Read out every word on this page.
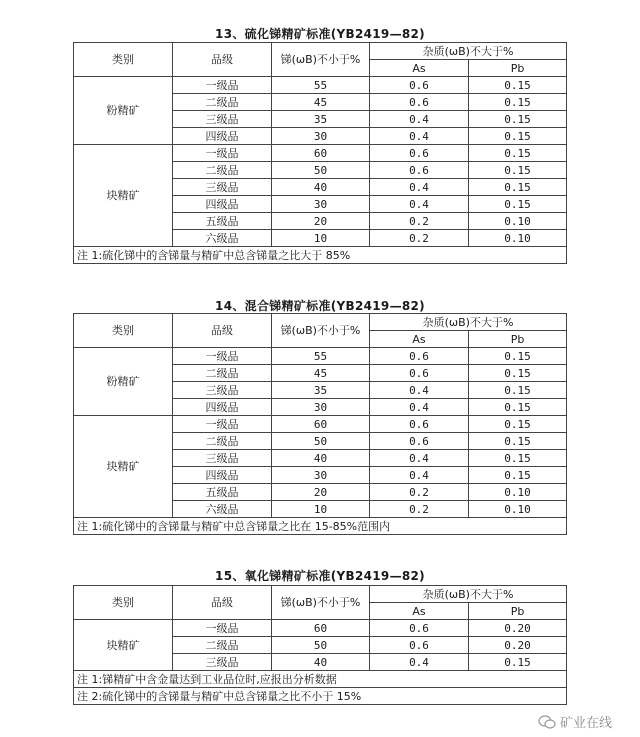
13、硫化锑精矿标准(YB2419—82)
类别	品级	锑(ωB)不小于%	杂质(ωB)不大于%	
			As	Pb
粉精矿	一级品	55	0.6	0.15
	二级品	45	0.6	0.15
	三级品	35	0.4	0.15
	四级品	30	0.4	0.15
块精矿	一级品	60	0.6	0.15
	二级品	50	0.6	0.15
	三级品	40	0.4	0.15
	四级品	30	0.4	0.15
	五级品	20	0.2	0.10
	六级品	10	0.2	0.10
注 1:硫化锑中的含锑量与精矿中总含锑量之比大于 85%				
14、混合锑精矿标准(YB2419—82)
类别	品级	锑(ωB)不小于%	杂质(ωB)不大于%	
			As	Pb
粉精矿	一级品	55	0.6	0.15
	二级品	45	0.6	0.15
	三级品	35	0.4	0.15
	四级品	30	0.4	0.15
块精矿	一级品	60	0.6	0.15
	二级品	50	0.6	0.15
	三级品	40	0.4	0.15
	四级品	30	0.4	0.15
	五级品	20	0.2	0.10
	六级品	10	0.2	0.10
注 1:硫化锑中的含锑量与精矿中总含锑量之比在 15-85%范围内				
15、氧化锑精矿标准(YB2419—82)
类别	品级	锑(ωB)不小于%	杂质(ωB)不大于%	
			As	Pb
块精矿	一级品	60	0.6	0.20
	二级品	50	0.6	0.20
	三级品	40	0.4	0.15
注 1:锑精矿中含金量达到工业品位时,应报出分析数据				
注 2:硫化锑中的含锑量与精矿中总含锑量之比不小于 15%				
矿业在线
